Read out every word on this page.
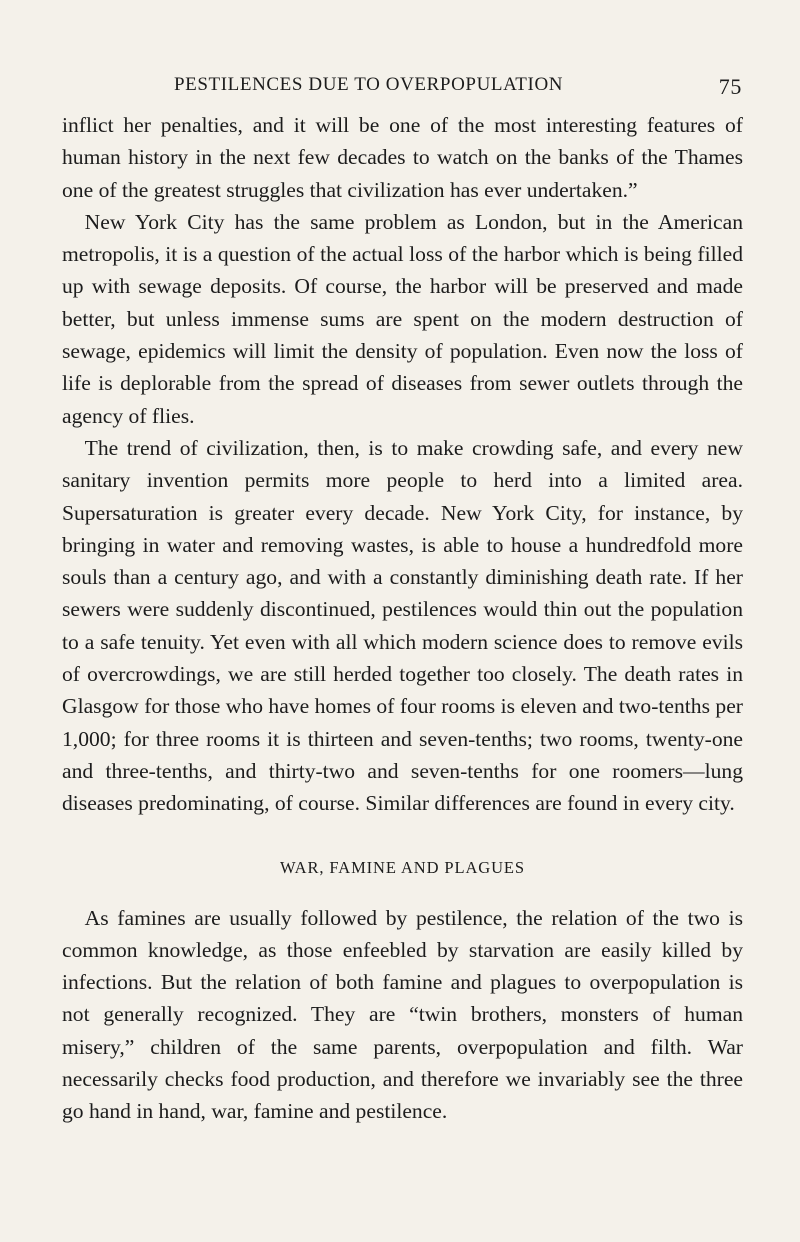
PESTILENCES DUE TO OVERPOPULATION	75

inflict her penalties, and it will be one of the most interesting features of human history in the next few decades to watch on the banks of the Thames one of the greatest struggles that civilization has ever undertaken.”

New York City has the same problem as London, but in the American metropolis, it is a question of the actual loss of the harbor which is being filled up with sewage deposits. Of course, the harbor will be preserved and made better, but unless immense sums are spent on the modern destruction of sewage, epidemics will limit the density of population. Even now the loss of life is deplorable from the spread of diseases from sewer outlets through the agency of flies.

The trend of civilization, then, is to make crowding safe, and every new sanitary invention permits more people to herd into a limited area. Supersaturation is greater every decade. New York City, for instance, by bringing in water and removing wastes, is able to house a hundredfold more souls than a century ago, and with a constantly diminishing death rate. If her sewers were suddenly discontinued, pestilences would thin out the population to a safe tenuity. Yet even with all which modern science does to remove evils of overcrowdings, we are still herded together too closely. The death rates in Glasgow for those who have homes of four rooms is eleven and two-tenths per 1,000; for three rooms it is thirteen and seven-tenths; two rooms, twenty-one and three-tenths, and thirty-two and seven-tenths for one roomers—lung diseases predominating, of course. Similar differences are found in every city.

WAR, FAMINE AND PLAGUES

As famines are usually followed by pestilence, the relation of the two is common knowledge, as those enfeebled by starvation are easily killed by infections. But the relation of both famine and plagues to overpopulation is not generally recognized. They are “twin brothers, monsters of human misery,” children of the same parents, overpopulation and filth. War necessarily checks food production, and therefore we invariably see the three go hand in hand, war, famine and pestilence.
